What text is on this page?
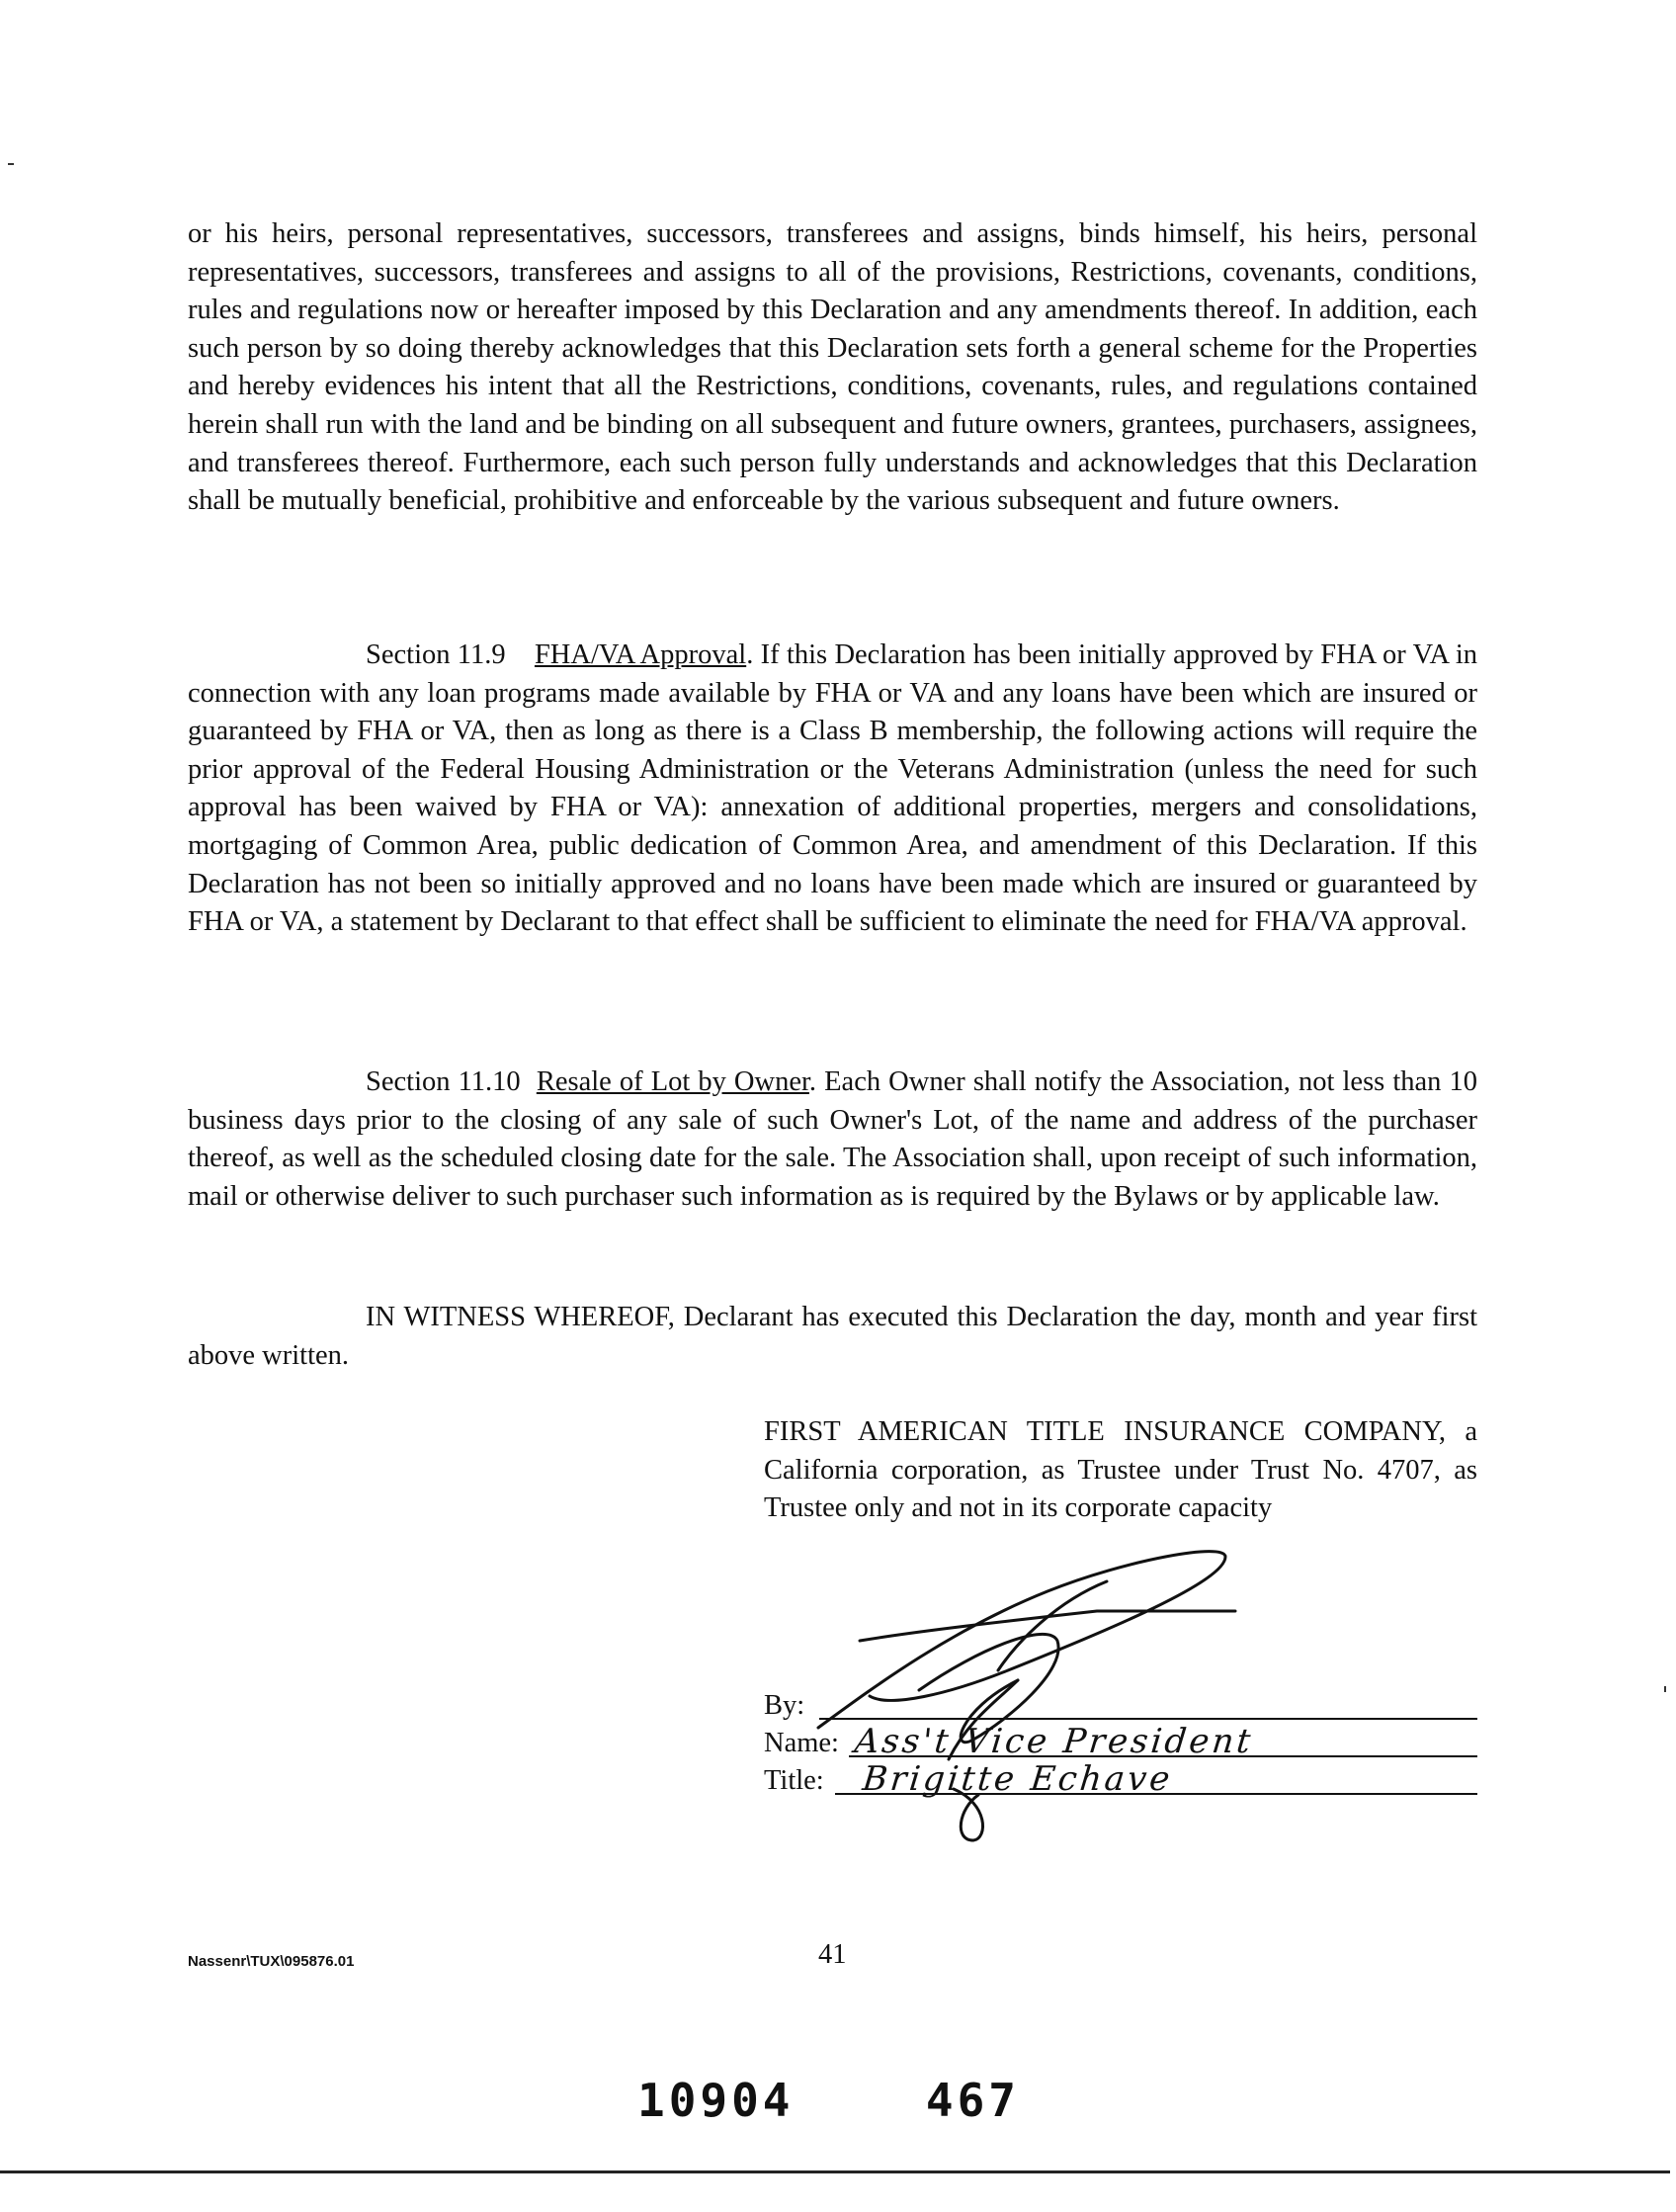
or his heirs, personal representatives, successors, transferees and assigns, binds himself, his heirs, personal representatives, successors, transferees and assigns to all of the provisions, Restrictions, covenants, conditions, rules and regulations now or hereafter imposed by this Declaration and any amendments thereof. In addition, each such person by so doing thereby acknowledges that this Declaration sets forth a general scheme for the Properties and hereby evidences his intent that all the Restrictions, conditions, covenants, rules, and regulations contained herein shall run with the land and be binding on all subsequent and future owners, grantees, purchasers, assignees, and transferees thereof. Furthermore, each such person fully understands and acknowledges that this Declaration shall be mutually beneficial, prohibitive and enforceable by the various subsequent and future owners.

Section 11.9 FHA/VA Approval. If this Declaration has been initially approved by FHA or VA in connection with any loan programs made available by FHA or VA and any loans have been which are insured or guaranteed by FHA or VA, then as long as there is a Class B membership, the following actions will require the prior approval of the Federal Housing Administration or the Veterans Administration (unless the need for such approval has been waived by FHA or VA): annexation of additional properties, mergers and consolidations, mortgaging of Common Area, public dedication of Common Area, and amendment of this Declaration. If this Declaration has not been so initially approved and no loans have been made which are insured or guaranteed by FHA or VA, a statement by Declarant to that effect shall be sufficient to eliminate the need for FHA/VA approval.

Section 11.10 Resale of Lot by Owner. Each Owner shall notify the Association, not less than 10 business days prior to the closing of any sale of such Owner's Lot, of the name and address of the purchaser thereof, as well as the scheduled closing date for the sale. The Association shall, upon receipt of such information, mail or otherwise deliver to such purchaser such information as is required by the Bylaws or by applicable law.

IN WITNESS WHEREOF, Declarant has executed this Declaration the day, month and year first above written.

FIRST AMERICAN TITLE INSURANCE COMPANY, a California corporation, as Trustee under Trust No. 4707, as Trustee only and not in its corporate capacity

By:
Name: Ass't Vice President
Title: Brigitte Echave
Nassenr\TUX\095876.01	41
10904	467
